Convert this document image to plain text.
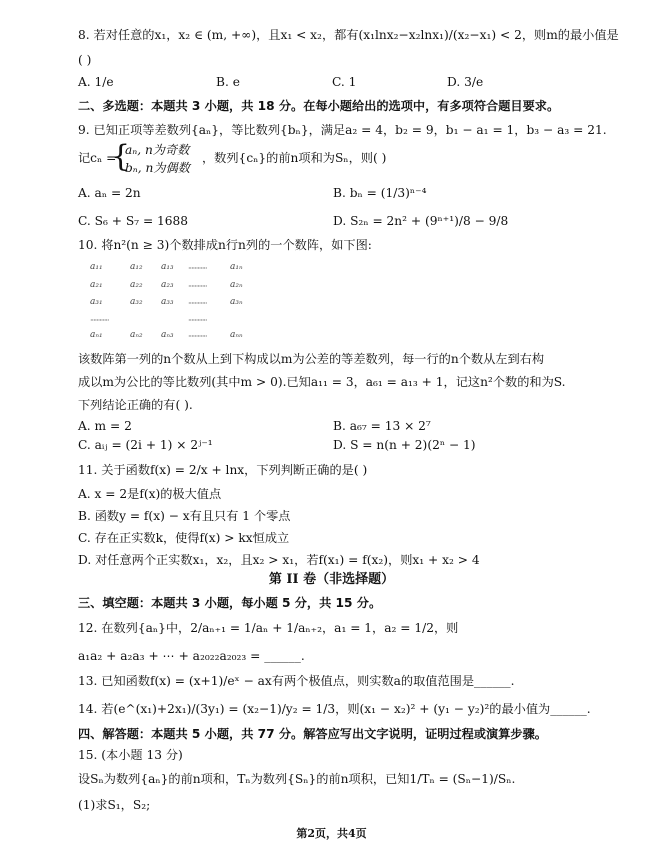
8. 若对任意的x₁，x₂ ∈ (m, +∞)，且x₁ < x₂，都有(x₁lnx₂−x₂lnx₁)/(x₂−x₁) < 2，则m的最小值是
( )
A. 1/e	B. e	C. 1	D. 3/e
二、多选题：本题共 3 小题，共 18 分。在每小题给出的选项中，有多项符合题目要求。
9. 已知正项等差数列{aₙ}，等比数列{bₙ}，满足a₂ = 4，b₂ = 9，b₁ − a₁ = 1，b₃ − a₃ = 21.
记cₙ =
{
aₙ, n为奇数
bₙ, n为偶数
，数列{cₙ}的前n项和为Sₙ，则( )
A. aₙ = 2n	B. bₙ = (1/3)ⁿ⁻⁴
C. S₆ + S₇ = 1688	D. S₂ₙ = 2n² + (9ⁿ⁺¹)/8 − 9/8
10. 将n²(n ≥ 3)个数排成n行n列的一个数阵，如下图:
a₁₁	a₁₂ a₁₃ ············	a₁ₙ
a₂₁	a₂₂ a₂₃ ············	a₂ₙ
a₃₁	a₃₂ a₃₃ ············	a₃ₙ
············	············
aₙ₁	aₙ₂ aₙ₃ ············	aₙₙ
该数阵第一列的n个数从上到下构成以m为公差的等差数列，每一行的n个数从左到右构
成以m为公比的等比数列(其中m > 0).已知a₁₁ = 3，a₆₁ = a₁₃ + 1，记这n²个数的和为S.
下列结论正确的有( ).
A. m = 2	B. a₆₇ = 13 × 2⁷
C. aᵢⱼ = (2i + 1) × 2ʲ⁻¹	D. S = n(n + 2)(2ⁿ − 1)
11. 关于函数f(x) = 2/x + lnx，下列判断正确的是( )
A. x = 2是f(x)的极大值点
B. 函数y = f(x) − x有且只有 1 个零点
C. 存在正实数k，使得f(x) > kx恒成立
D. 对任意两个正实数x₁，x₂，且x₂ > x₁，若f(x₁) = f(x₂)，则x₁ + x₂ > 4
第 II 卷（非选择题）
三、填空题：本题共 3 小题，每小题 5 分，共 15 分。
12. 在数列{aₙ}中，2/aₙ₊₁ = 1/aₙ + 1/aₙ₊₂，a₁ = 1，a₂ = 1/2，则
a₁a₂ + a₂a₃ + ⋯ + a₂₀₂₂a₂₀₂₃ = ______.
13. 已知函数f(x) = (x+1)/eˣ − ax有两个极值点，则实数a的取值范围是______.
14. 若(e^(x₁)+2x₁)/(3y₁) = (x₂−1)/y₂ = 1/3，则(x₁ − x₂)² + (y₁ − y₂)²的最小值为______.
四、解答题：本题共 5 小题，共 77 分。解答应写出文字说明，证明过程或演算步骤。
15. (本小题 13 分)
设Sₙ为数列{aₙ}的前n项和，Tₙ为数列{Sₙ}的前n项积，已知1/Tₙ = (Sₙ−1)/Sₙ.
(1)求S₁，S₂;
第2页，共4页
